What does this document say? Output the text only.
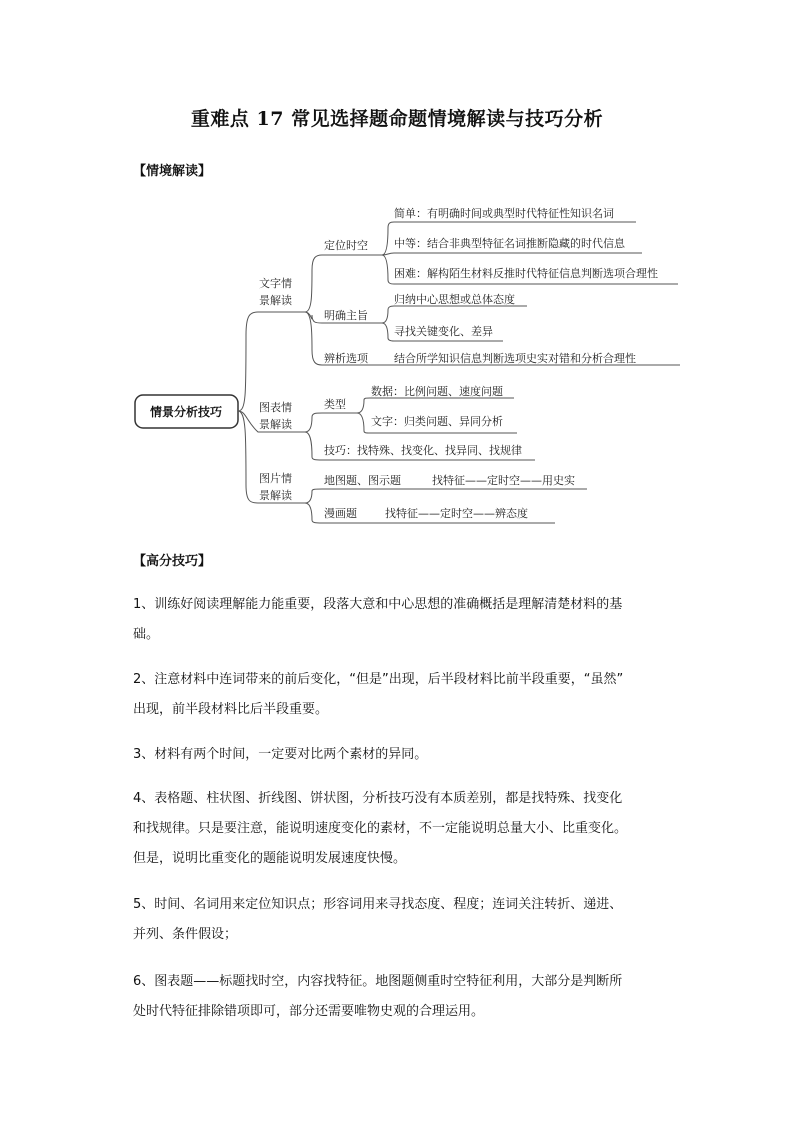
重难点 17 常见选择题命题情境解读与技巧分析
【情境解读】
情景分析技巧
文字情
景解读
定位时空
简单：有明确时间或典型时代特征性知识名词
中等：结合非典型特征名词推断隐藏的时代信息
困难：解构陌生材料反推时代特征信息判断选项合理性
明确主旨
归纳中心思想或总体态度
寻找关键变化、差异
辨析选项 结合所学知识信息判断选项史实对错和分析合理性
图表情
景解读
类型
数据：比例问题、速度问题
文字：归类问题、异同分析
技巧：找特殊、找变化、找异同、找规律
图片情
景解读
地图题、图示题	找特征——定时空——用史实
漫画题	找特征——定时空——辨态度
【高分技巧】
1、训练好阅读理解能力能重要，段落大意和中心思想的准确概括是理解清楚材料的基
础。
2、注意材料中连词带来的前后变化，“但是”出现，后半段材料比前半段重要，“虽然”
出现，前半段材料比后半段重要。
3、材料有两个时间，一定要对比两个素材的异同。
4、表格题、柱状图、折线图、饼状图，分析技巧没有本质差别，都是找特殊、找变化
和找规律。只是要注意，能说明速度变化的素材，不一定能说明总量大小、比重变化。
但是，说明比重变化的题能说明发展速度快慢。
5、时间、名词用来定位知识点；形容词用来寻找态度、程度；连词关注转折、递进、
并列、条件假设；
6、图表题——标题找时空，内容找特征。地图题侧重时空特征利用，大部分是判断所
处时代特征排除错项即可，部分还需要唯物史观的合理运用。
